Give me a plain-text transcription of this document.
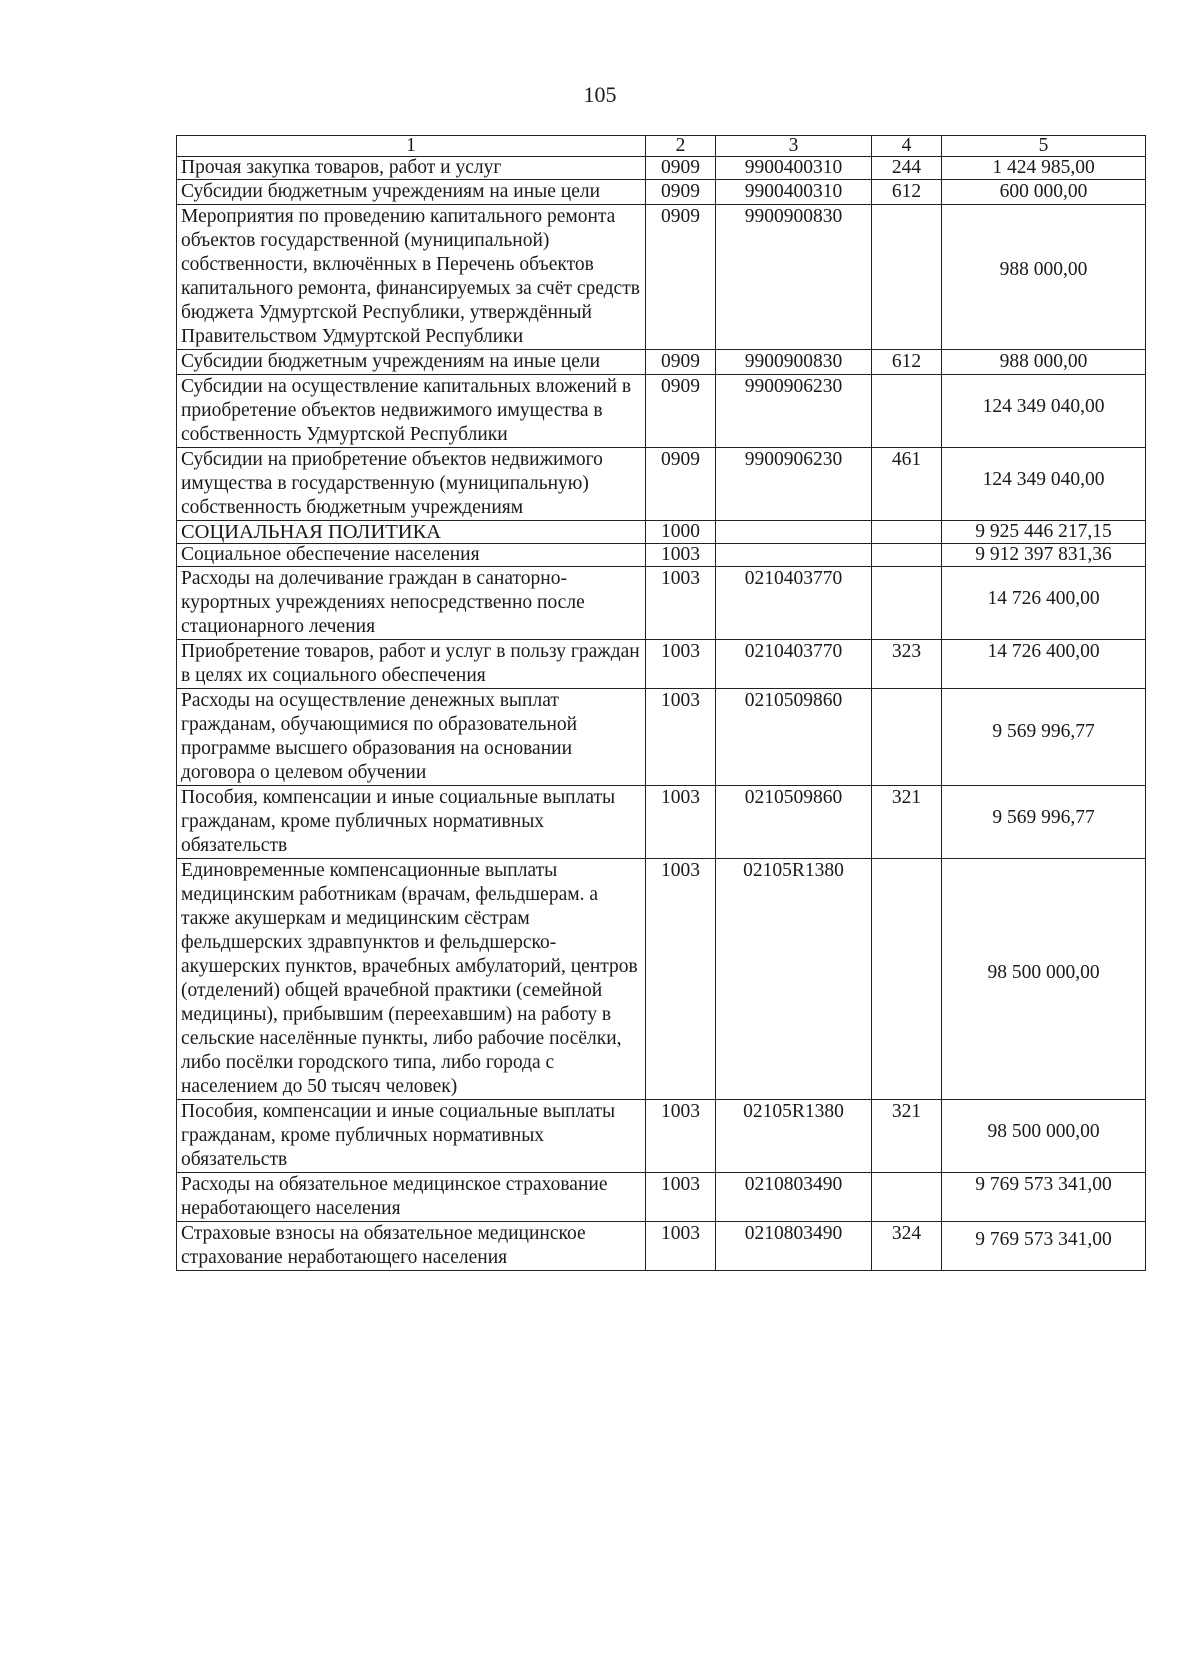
105
1	2	3	4	5
Прочая закупка товаров, работ и услуг	0909	9900400310	244	1 424 985,00
Субсидии бюджетным учреждениям на иные цели	0909	9900400310	612	600 000,00
Мероприятия по проведению капитального ремонта объектов государственной (муниципальной) собственности, включённых в Перечень объектов капитального ремонта, финансируемых за счёт средств бюджета Удмуртской Республики, утверждённый Правительством Удмуртской Республики	0909	9900900830		988 000,00
Субсидии бюджетным учреждениям на иные цели	0909	9900900830	612	988 000,00
Субсидии на осуществление капитальных вложений в приобретение объектов недвижимого имущества в собственность Удмуртской Республики	0909	9900906230		124 349 040,00
Субсидии на приобретение объектов недвижимого имущества в государственную (муниципальную) собственность бюджетным учреждениям	0909	9900906230	461	124 349 040,00
СОЦИАЛЬНАЯ ПОЛИТИКА	1000			9 925 446 217,15
Социальное обеспечение населения	1003			9 912 397 831,36
Расходы на долечивание граждан в санаторно-курортных учреждениях непосредственно после стационарного лечения	1003	0210403770		14 726 400,00
Приобретение товаров, работ и услуг в пользу граждан в целях их социального обеспечения	1003	0210403770	323	14 726 400,00
Расходы на осуществление денежных выплат гражданам, обучающимися по образовательной программе высшего образования на основании договора о целевом обучении	1003	0210509860		9 569 996,77
Пособия, компенсации и иные социальные выплаты гражданам, кроме публичных нормативных обязательств	1003	0210509860	321	9 569 996,77
Единовременные компенсационные выплаты медицинским работникам (врачам, фельдшерам. а также акушеркам и медицинским сёстрам фельдшерских здравпунктов и фельдшерско-акушерских пунктов, врачебных амбулаторий, центров (отделений) общей врачебной практики (семейной медицины), прибывшим (переехавшим) на работу в сельские населённые пункты, либо рабочие посёлки, либо посёлки городского типа, либо города с населением до 50 тысяч человек)	1003	02105R1380		98 500 000,00
Пособия, компенсации и иные социальные выплаты гражданам, кроме публичных нормативных обязательств	1003	02105R1380	321	98 500 000,00
Расходы на обязательное медицинское страхование неработающего населения	1003	0210803490		9 769 573 341,00
Страховые взносы на обязательное медицинское страхование неработающего населения	1003	0210803490	324	9 769 573 341,00
